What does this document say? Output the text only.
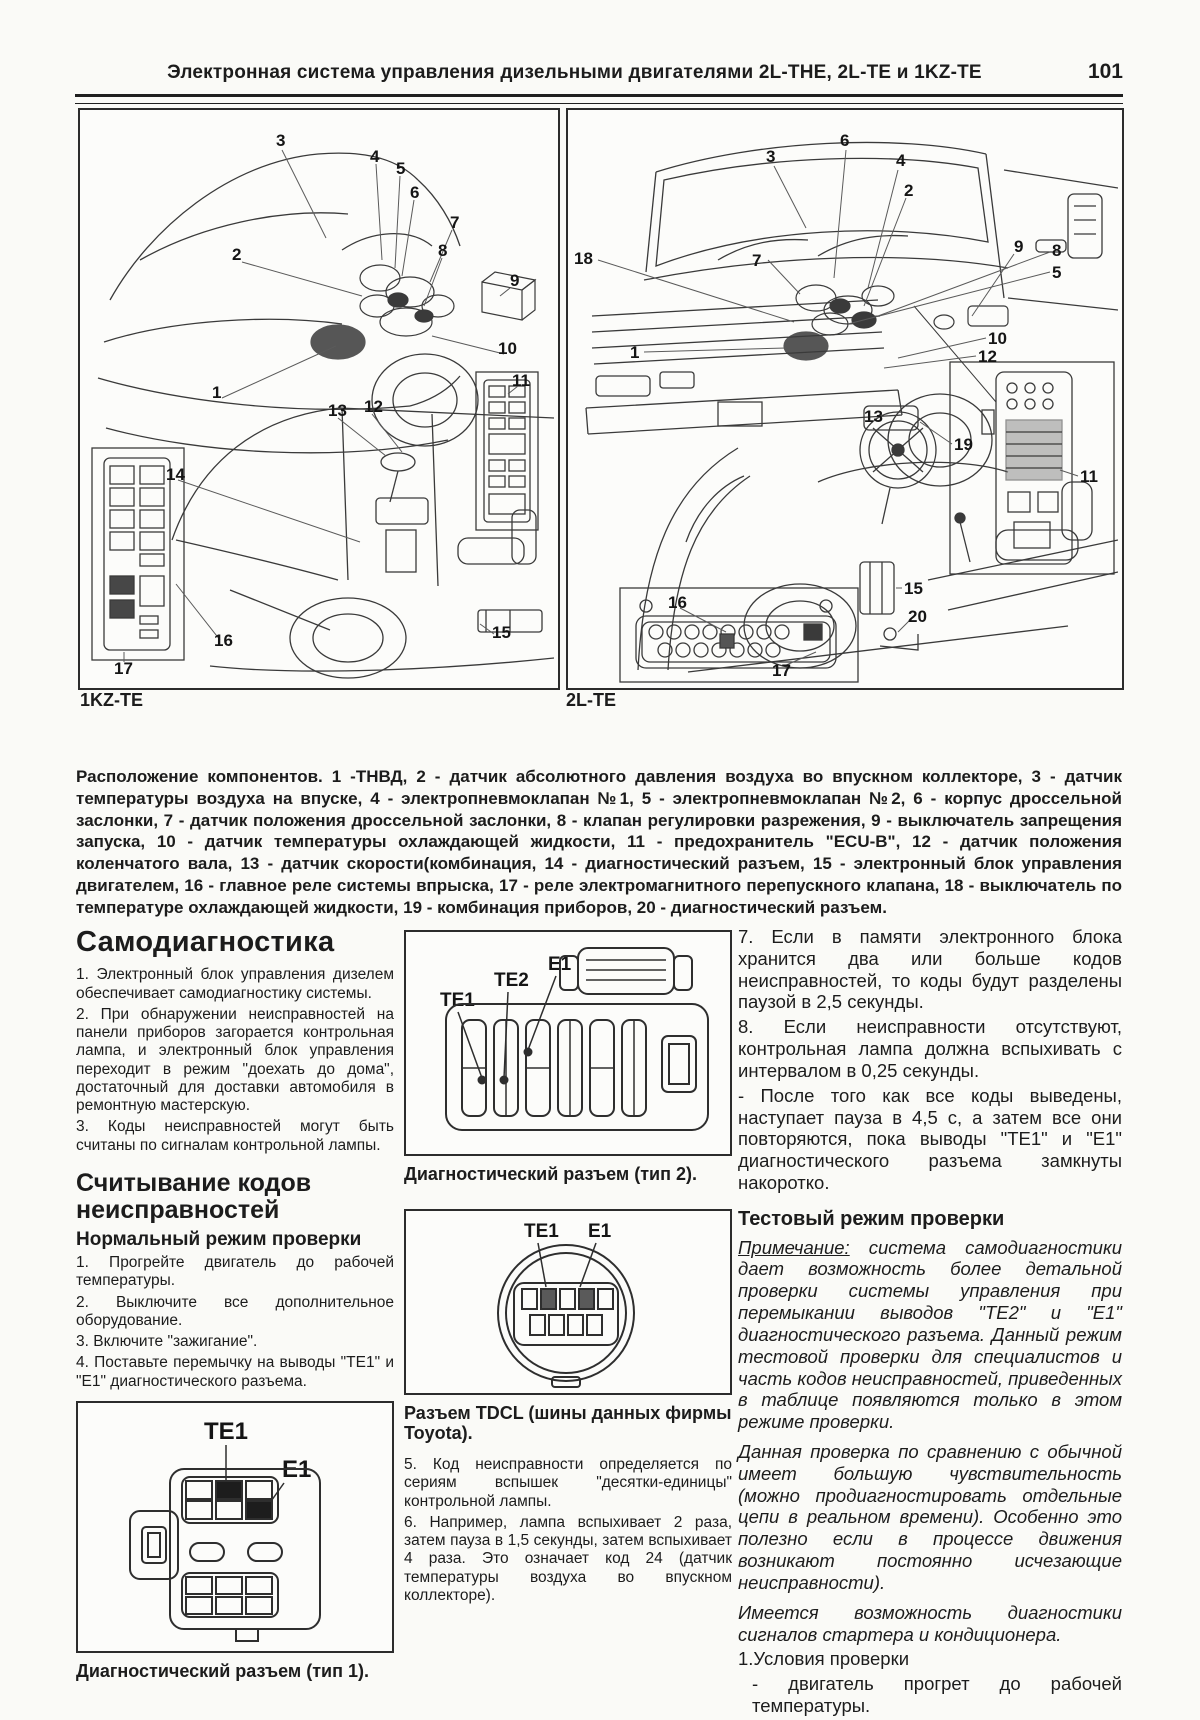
Электронная система управления дизельными двигателями 2L-THE, 2L-TE и 1KZ-TE	101
3
4
5
6
7
2	8
9
10
11
1
13 12
14
16	15
17
1KZ-TE
3
6
4
2
18	7
9 8
5
10
12
1
13
19
11
15
20
16
17
2L-TE
Расположение компонентов. 1 -ТНВД, 2 - датчик абсолютного давления воздуха во впускном коллекторе, 3 - датчик температуры воздуха на впуске, 4 - электропневмоклапан №1, 5 - электропневмоклапан №2, 6 - корпус дроссельной заслонки, 7 - датчик положения дроссельной заслонки, 8 - клапан регулировки разрежения, 9 - выключатель запрещения запуска, 10 - датчик температуры охлаждающей жидкости, 11 - предохранитель "ECU-B", 12 - датчик положения коленчатого вала, 13 - датчик скорости(комбинация, 14 - диагностический разъем, 15 - электронный блок управления двигателем, 16 - главное реле системы впрыска, 17 - реле электромагнитного перепускного клапана, 18 - выключатель по температуре охлаждающей жидкости, 19 - комбинация приборов, 20 - диагностический разъем.
Самодиагностика

1. Электронный блок управления дизелем обеспечивает самодиагностику системы.

2. При обнаружении неисправностей на панели приборов загорается контрольная лампа, и электронный блок управления переходит в режим "доехать до дома", достаточный для доставки автомобиля в ремонтную мастерскую.

3. Коды неисправностей могут быть считаны по сигналам контрольной лампы.

Считывание кодов неисправностей
Нормальный режим проверки

1. Прогрейте двигатель до рабочей температуры.

2. Выключите все дополнительное оборудование.

3. Включите "зажигание".

4. Поставьте перемычку на выводы "ТЕ1" и "Е1" диагностического разъема.

TE1
E1
Диагностический разъем (тип 1).
TE1
TE2
E1
Диагностический разъем (тип 2).
TE1 E1
Разъем TDCL (шины данных фирмы Toyota).

5. Код неисправности определяется по сериям вспышек "десятки-единицы" контрольной лампы.

6. Например, лампа вспыхивает 2 раза, затем пауза в 1,5 секунды, затем вспыхивает 4 раза. Это означает код 24 (датчик температуры воздуха во впускном коллекторе).

7. Если в памяти электронного блока хранится два или больше кодов неисправностей, то коды будут разделены паузой в 2,5 секунды.

8. Если неисправности отсутствуют, контрольная лампа должна вспыхивать с интервалом в 0,25 секунды.

- После того как все коды выведены, наступает пауза в 4,5 с, а затем все они повторяются, пока выводы "ТЕ1" и "Е1" диагностического разъема замкнуты накоротко.

Тестовый режим проверки

Примечание: система самодиагностики дает возможность более детальной проверки системы управления при перемыкании выводов "ТЕ2" и "Е1" диагностического разъема. Данный режим тестовой проверки для специалистов и часть кодов неисправностей, приведенных в таблице появляются только в этом режиме проверки.

Данная проверка по сравнению с обычной имеет большую чувствительность (можно продиагностировать отдельные цепи в реальном времени). Особенно это полезно если в процессе движения возникают постоянно исчезающие неисправности).

Имеется возможность диагностики сигналов стартера и кондиционера.

1.Условия проверки

- двигатель прогрет до рабочей температуры.
